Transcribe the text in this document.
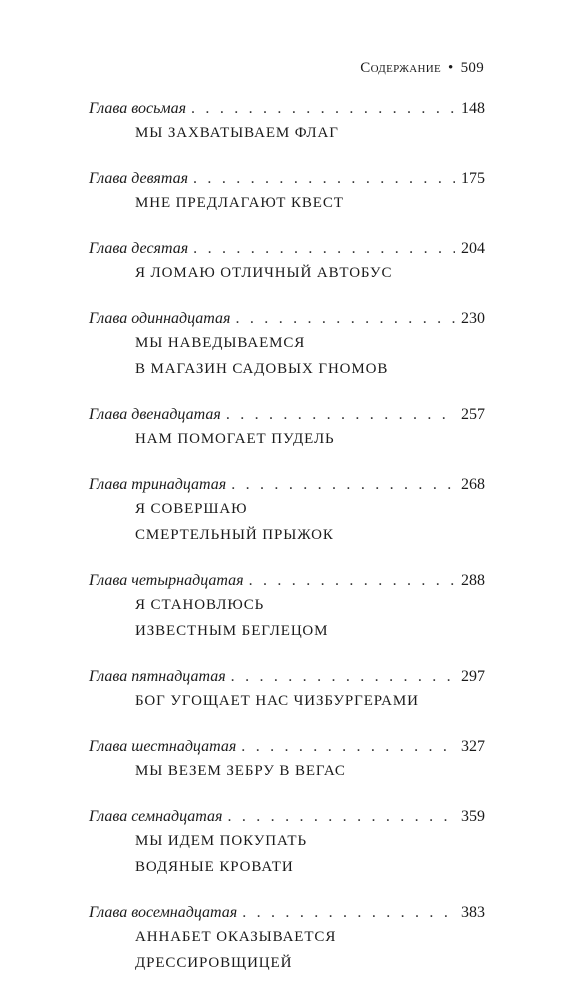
Содержание • 509
Глава восьмая . . .	148
МЫ ЗАХВАТЫВАЕМ ФЛАГ
Глава девятая . . .	175
МНЕ ПРЕДЛАГАЮТ КВЕСТ
Глава десятая . . .	204
Я ЛОМАЮ ОТЛИЧНЫЙ АВТОБУС
Глава одиннадцатая . . .	230
МЫ НАВЕДЫВАЕМСЯ
В МАГАЗИН САДОВЫХ ГНОМОВ
Глава двенадцатая . . .	257
НАМ ПОМОГАЕТ ПУДЕЛЬ
Глава тринадцатая . . .	268
Я СОВЕРШАЮ
СМЕРТЕЛЬНЫЙ ПРЫЖОК
Глава четырнадцатая . . .	288
Я СТАНОВЛЮСЬ
ИЗВЕСТНЫМ БЕГЛЕЦОМ
Глава пятнадцатая . . .	297
БОГ УГОЩАЕТ НАС ЧИЗБУРГЕРАМИ
Глава шестнадцатая . . .	327
МЫ ВЕЗЕМ ЗЕБРУ В ВЕГАС
Глава семнадцатая . . .	359
МЫ ИДЕМ ПОКУПАТЬ
ВОДЯНЫЕ КРОВАТИ
Глава восемнадцатая . . .	383
АННАБЕТ ОКАЗЫВАЕТСЯ
ДРЕССИРОВЩИЦЕЙ
